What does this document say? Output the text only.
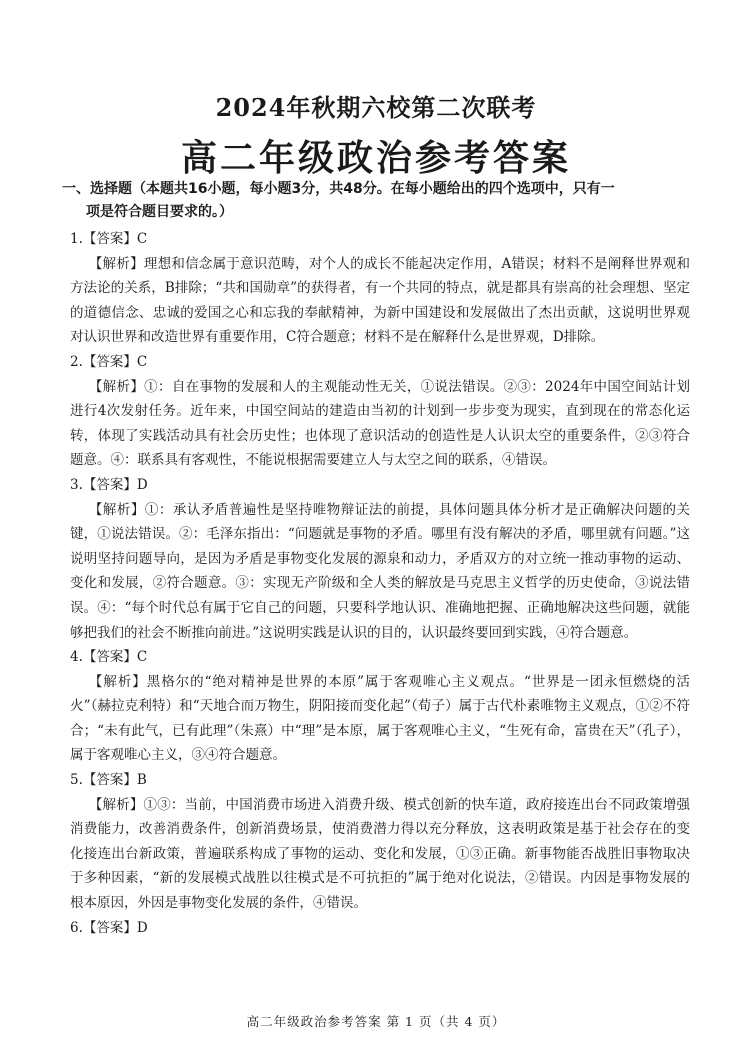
2024年秋期六校第二次联考
高二年级政治参考答案
一、选择题（本题共16小题，每小题3分，共48分。在每小题给出的四个选项中，只有一
项是符合题目要求的。）

1.【答案】C

【解析】理想和信念属于意识范畴，对个人的成长不能起决定作用，A错误；材料不是阐释世界观和方法论的关系，B排除；“共和国勋章”的获得者，有一个共同的特点，就是都具有崇高的社会理想、坚定的道德信念、忠诚的爱国之心和忘我的奉献精神，为新中国建设和发展做出了杰出贡献，这说明世界观对认识世界和改造世界有重要作用，C符合题意；材料不是在解释什么是世界观，D排除。

2.【答案】C

【解析】①：自在事物的发展和人的主观能动性无关，①说法错误。②③：2024年中国空间站计划进行4次发射任务。近年来，中国空间站的建造由当初的计划到一步步变为现实，直到现在的常态化运转，体现了实践活动具有社会历史性；也体现了意识活动的创造性是人认识太空的重要条件，②③符合题意。④：联系具有客观性，不能说根据需要建立人与太空之间的联系，④错误。

3.【答案】D

【解析】①：承认矛盾普遍性是坚持唯物辩证法的前提，具体问题具体分析才是正确解决问题的关键，①说法错误。②：毛泽东指出：“问题就是事物的矛盾。哪里有没有解决的矛盾，哪里就有问题。”这说明坚持问题导向，是因为矛盾是事物变化发展的源泉和动力，矛盾双方的对立统一推动事物的运动、变化和发展，②符合题意。③：实现无产阶级和全人类的解放是马克思主义哲学的历史使命，③说法错误。④：“每个时代总有属于它自己的问题，只要科学地认识、准确地把握、正确地解决这些问题，就能够把我们的社会不断推向前进。”这说明实践是认识的目的，认识最终要回到实践，④符合题意。

4.【答案】C

【解析】黑格尔的“绝对精神是世界的本原”属于客观唯心主义观点。“世界是一团永恒燃烧的活火”（赫拉克利特）和“天地合而万物生，阴阳接而变化起”（荀子）属于古代朴素唯物主义观点，①②不符合；“未有此气，已有此理”（朱熹）中“理”是本原，属于客观唯心主义，“生死有命，富贵在天”（孔子），属于客观唯心主义，③④符合题意。

5.【答案】B

【解析】①③：当前，中国消费市场进入消费升级、模式创新的快车道，政府接连出台不同政策增强消费能力，改善消费条件，创新消费场景，使消费潜力得以充分释放，这表明政策是基于社会存在的变化接连出台新政策，普遍联系构成了事物的运动、变化和发展，①③正确。新事物能否战胜旧事物取决于多种因素，“新的发展模式战胜以往模式是不可抗拒的”属于绝对化说法，②错误。内因是事物发展的根本原因，外因是事物变化发展的条件，④错误。

6.【答案】D

高二年级政治参考答案 第 1 页（共 4 页）
